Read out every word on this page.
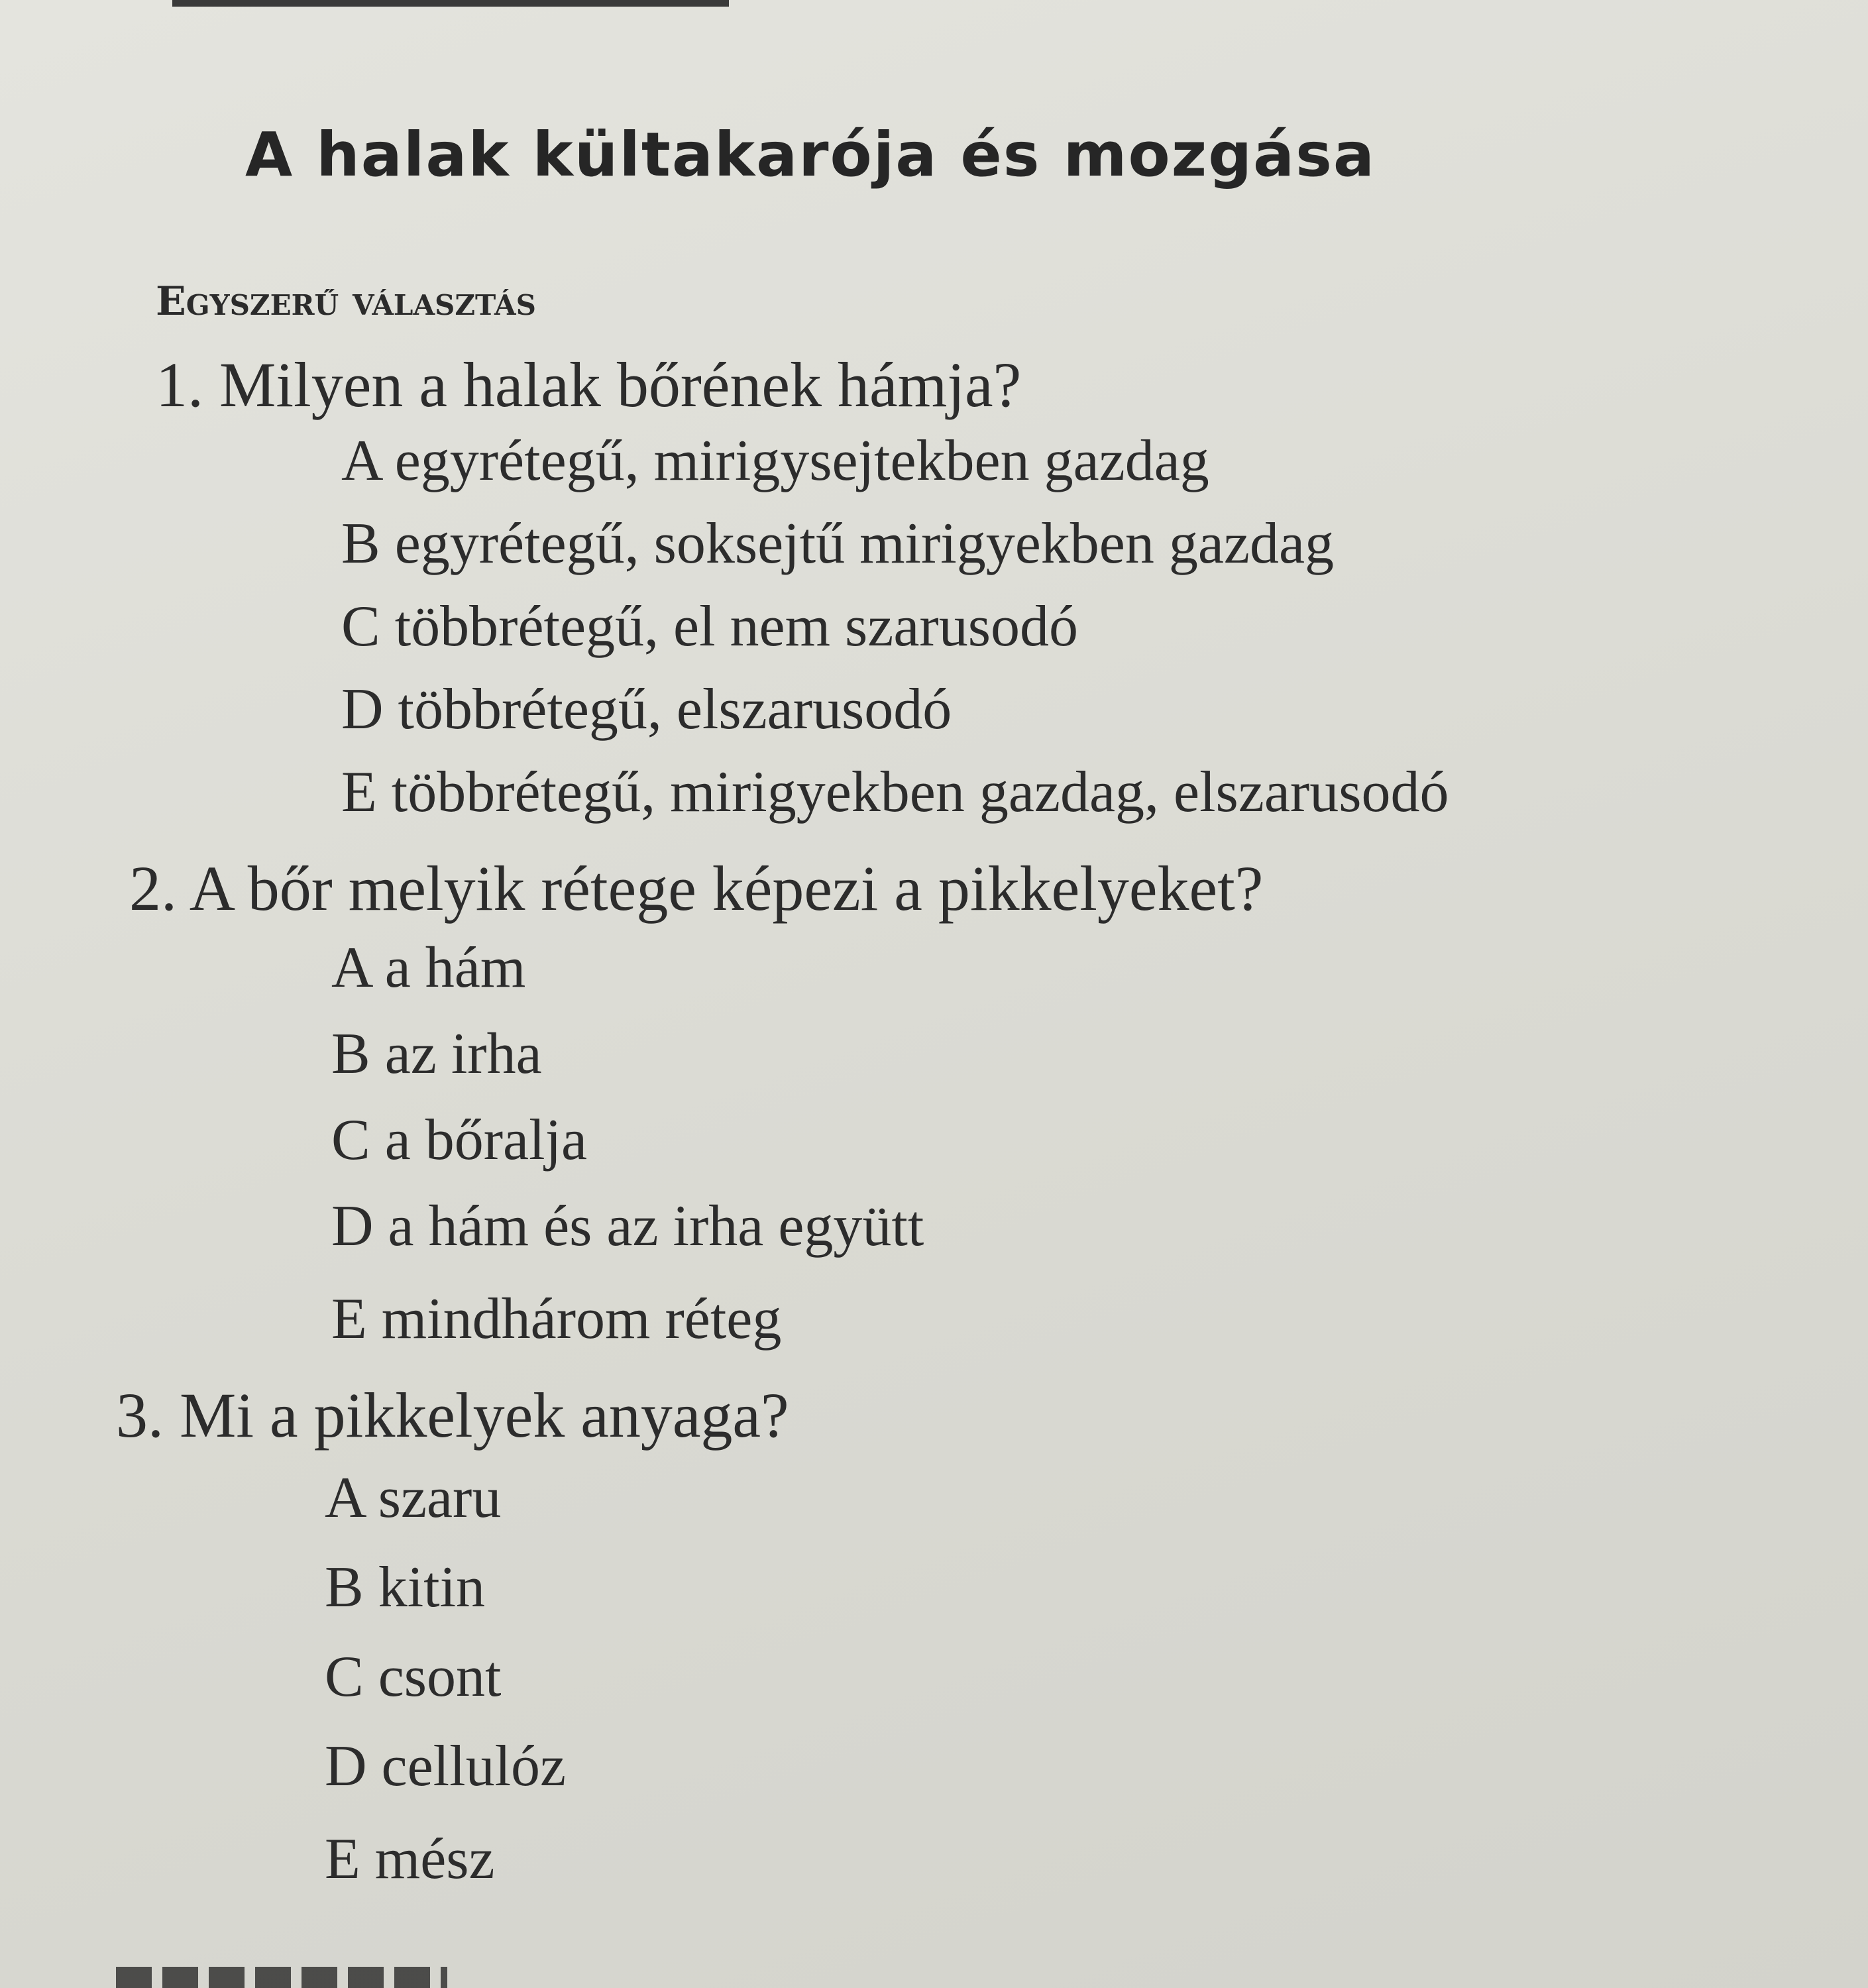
A halak kültakarója és mozgása
Egyszerű választás
1. Milyen a halak bőrének hámja?
A egyrétegű, mirigysejtekben gazdag
B egyrétegű, soksejtű mirigyekben gazdag
C többrétegű, el nem szarusodó
D többrétegű, elszarusodó
E többrétegű, mirigyekben gazdag, elszarusodó
2. A bőr melyik rétege képezi a pikkelyeket?
A a hám
B az irha
C a bőralja
D a hám és az irha együtt
E mindhárom réteg
3. Mi a pikkelyek anyaga?
A szaru
B kitin
C csont
D cellulóz
E mész
